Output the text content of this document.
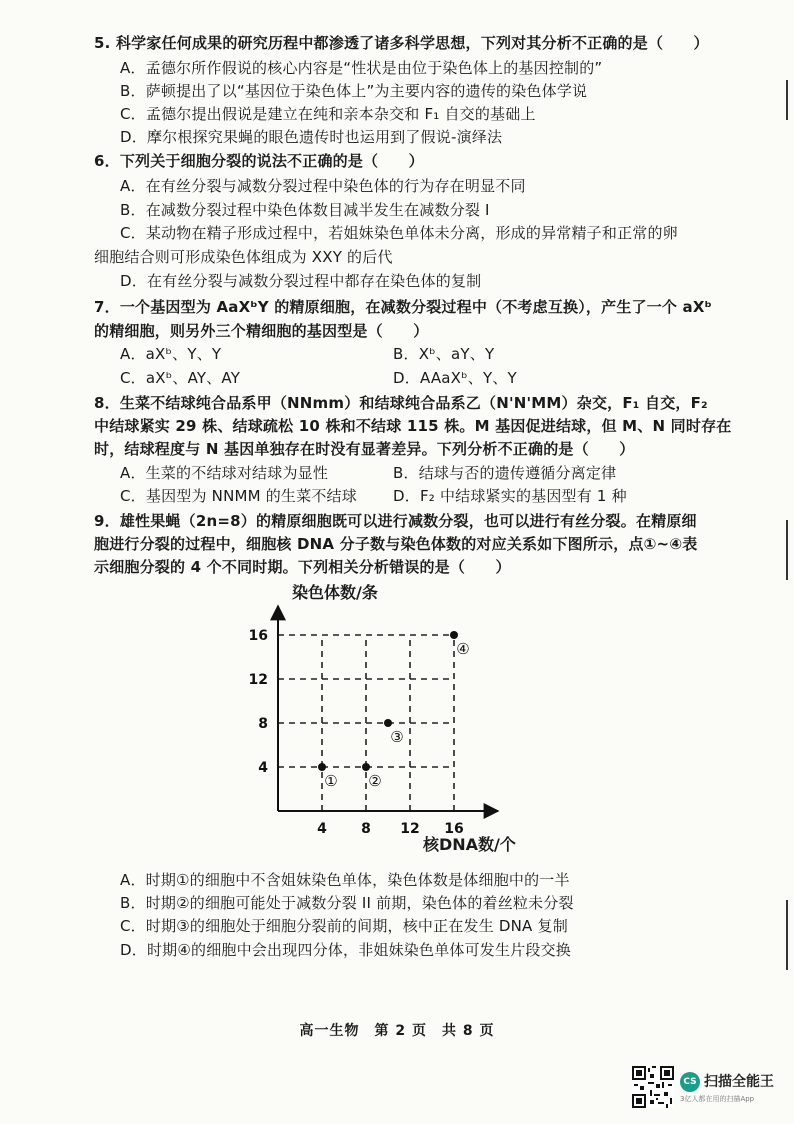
5. 科学家任何成果的研究历程中都渗透了诸多科学思想，下列对其分析不正确的是（　　）
A．孟德尔所作假说的核心内容是“性状是由位于染色体上的基因控制的”
B．萨顿提出了以“基因位于染色体上”为主要内容的遗传的染色体学说
C．孟德尔提出假说是建立在纯和亲本杂交和 F₁ 自交的基础上
D．摩尔根探究果蝇的眼色遗传时也运用到了假说-演绎法
6．下列关于细胞分裂的说法不正确的是（　　）
A．在有丝分裂与减数分裂过程中染色体的行为存在明显不同
B．在减数分裂过程中染色体数目减半发生在减数分裂 I
C．某动物在精子形成过程中，若姐妹染色单体未分离，形成的异常精子和正常的卵
细胞结合则可形成染色体组成为 XXY 的后代
D．在有丝分裂与减数分裂过程中都存在染色体的复制
7．一个基因型为 AaXᵇY 的精原细胞，在减数分裂过程中（不考虑互换），产生了一个 aXᵇ
的精细胞，则另外三个精细胞的基因型是（　　）
A．aXᵇ、Y、Y	B．Xᵇ、aY、Y
C．aXᵇ、AY、AY	D．AAaXᵇ、Y、Y
8．生菜不结球纯合品系甲（NNmm）和结球纯合品系乙（N'N'MM）杂交，F₁ 自交，F₂
中结球紧实 29 株、结球疏松 10 株和不结球 115 株。M 基因促进结球，但 M、N 同时存在
时，结球程度与 N 基因单独存在时没有显著差异。下列分析不正确的是（　　）
A．生菜的不结球对结球为显性	B．结球与否的遗传遵循分离定律
C．基因型为 NNMM 的生菜不结球 D．F₂ 中结球紧实的基因型有 1 种
9．雄性果蝇（2n=8）的精原细胞既可以进行减数分裂，也可以进行有丝分裂。在精原细
胞进行分裂的过程中，细胞核 DNA 分子数与染色体数的对应关系如下图所示，点①~④表
示细胞分裂的 4 个不同时期。下列相关分析错误的是（　　）
染色体数/条
核DNA数/个
4 8 12 16
4
8
12
16
① ②
③
④
A．时期①的细胞中不含姐妹染色单体，染色体数是体细胞中的一半
B．时期②的细胞可能处于减数分裂 II 前期，染色体的着丝粒未分裂
C．时期③的细胞处于细胞分裂前的间期，核中正在发生 DNA 复制
D．时期④的细胞中会出现四分体，非姐妹染色单体可发生片段交换
高一生物　第 2 页　共 8 页
CS 扫描全能王
3亿人都在用的扫描App
